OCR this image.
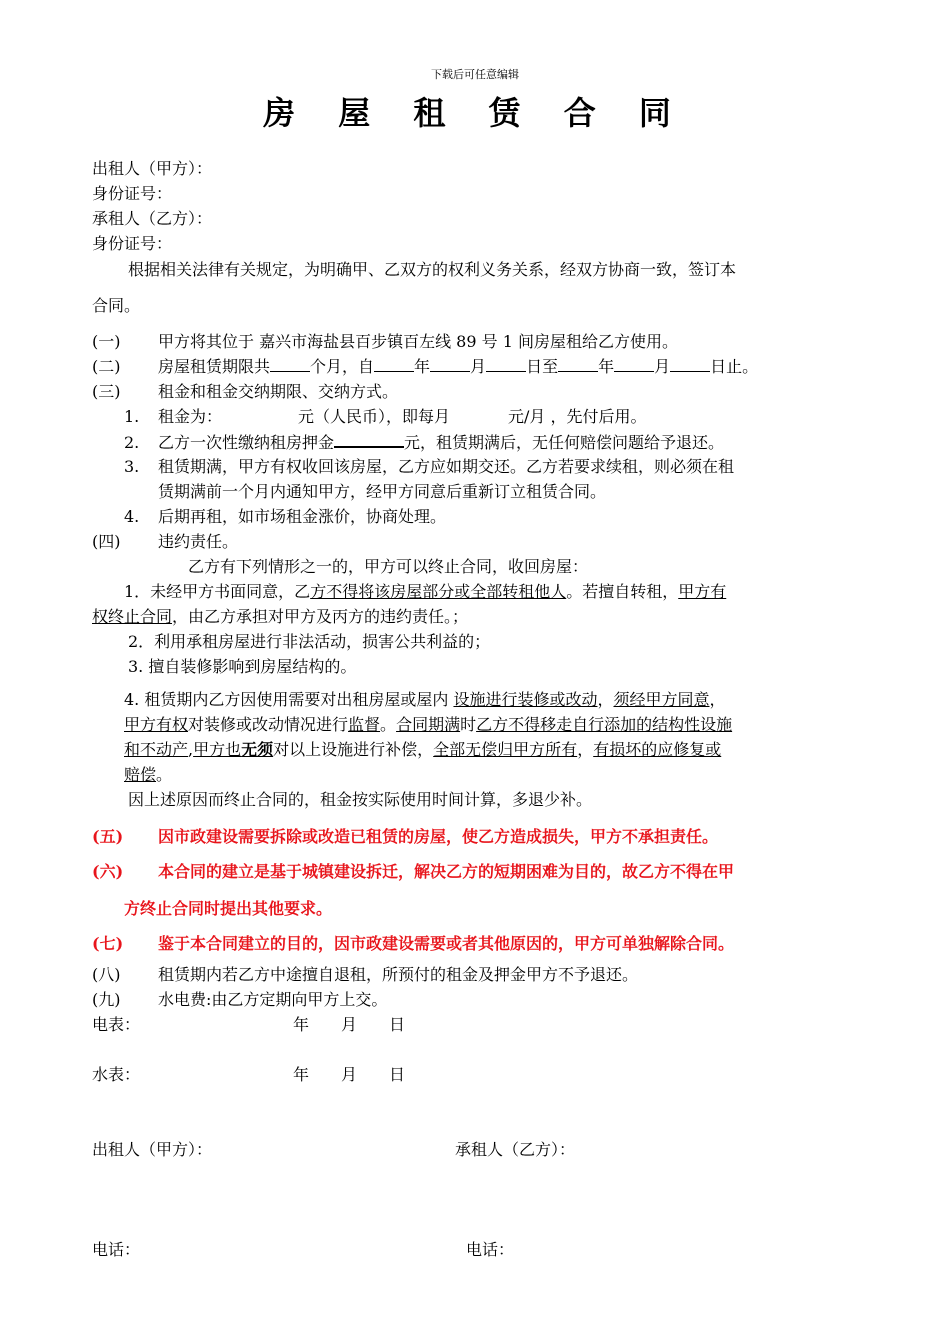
下载后可任意编辑
房 屋 租 赁 合 同
出租人（甲方）：
身份证号：
承租人（乙方）：
身份证号：
根据相关法律有关规定，为明确甲、乙双方的权利义务关系，经双方协商一致，签订本
合同。
(一) 甲方将其位于 嘉兴市海盐县百步镇百左线 89 号 1 间房屋租给乙方使用。
(二) 房屋租赁期限共	个月，自	年	月	日至	年	月	日止。
(三) 租金和租金交纳期限、交纳方式。
1. 租金为：	元（人民币），即每月	元/月 ，先付后用。
2. 乙方一次性缴纳租房押金	元，租赁期满后，无任何赔偿问题给予退还。
3. 租赁期满，甲方有权收回该房屋，乙方应如期交还。乙方若要求续租，则必须在租
赁期满前一个月内通知甲方，经甲方同意后重新订立租赁合同。
4. 后期再租，如市场租金涨价，协商处理。
(四) 违约责任。
乙方有下列情形之一的，甲方可以终止合同，收回房屋：
1．未经甲方书面同意，乙方不得将该房屋部分或全部转租他人。若擅自转租，甲方有
权终止合同，由乙方承担对甲方及丙方的违约责任。；
2．利用承租房屋进行非法活动，损害公共利益的；
3. 擅自装修影响到房屋结构的。
4. 租赁期内乙方因使用需要对出租房屋或屋内 设施进行装修或改动，须经甲方同意，
甲方有权对装修或改动情况进行监督。合同期满时乙方不得移走自行添加的结构性设施
和不动产,甲方也无须对以上设施进行补偿，全部无偿归甲方所有，有损坏的应修复或
赔偿。
因上述原因而终止合同的，租金按实际使用时间计算，多退少补。
(五) 因市政建设需要拆除或改造已租赁的房屋，使乙方造成损失，甲方不承担责任。
(六) 本合同的建立是基于城镇建设拆迁，解决乙方的短期困难为目的，故乙方不得在甲
方终止合同时提出其他要求。
(七) 鉴于本合同建立的目的，因市政建设需要或者其他原因的，甲方可单独解除合同。
(八) 租赁期内若乙方中途擅自退租，所预付的租金及押金甲方不予退还。
(九) 水电费:由乙方定期向甲方上交。
电表：	年 月 日
水表：	年 月 日
出租人（甲方）：	承租人（乙方）：
电话：	电话：
